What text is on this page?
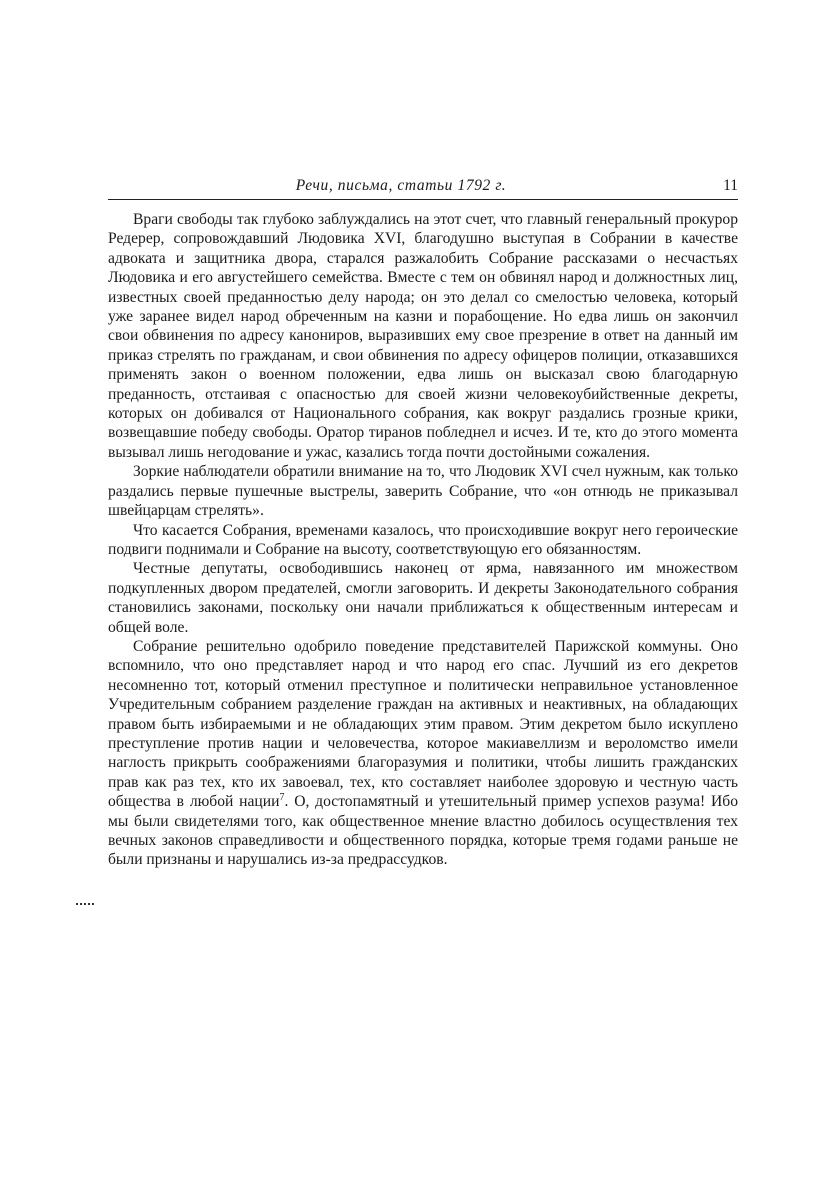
Речи, письма, статьи 1792 г.	11

Враги свободы так глубоко заблуждались на этот счет, что главный генеральный прокурор Редерер, сопровождавший Людовика XVI, благодушно выступая в Собрании в качестве адвоката и защитника двора, старался разжалобить Собрание рассказами о несчастьях Людовика и его августейшего семейства. Вместе с тем он обвинял народ и должностных лиц, известных своей преданностью делу народа; он это делал со смелостью человека, который уже заранее видел народ обреченным на казни и порабощение. Но едва лишь он закончил свои обвинения по адресу канониров, выразивших ему свое презрение в ответ на данный им приказ стрелять по гражданам, и свои обвинения по адресу офицеров полиции, отказавшихся применять закон о военном положении, едва лишь он высказал свою благодарную преданность, отстаивая с опасностью для своей жизни человекоубийственные декреты, которых он добивался от Национального собрания, как вокруг раздались грозные крики, возвещавшие победу свободы. Оратор тиранов побледнел и исчез. И те, кто до этого момента вызывал лишь негодование и ужас, казались тогда почти достойными сожаления.

Зоркие наблюдатели обратили внимание на то, что Людовик XVI счел нужным, как только раздались первые пушечные выстрелы, заверить Собрание, что «он отнюдь не приказывал швейцарцам стрелять».

Что касается Собрания, временами казалось, что происходившие вокруг него героические подвиги поднимали и Собрание на высоту, соответствующую его обязанностям.

Честные депутаты, освободившись наконец от ярма, навязанного им множеством подкупленных двором предателей, смогли заговорить. И декреты Законодательного собрания становились законами, поскольку они начали приближаться к общественным интересам и общей воле.

Собрание решительно одобрило поведение представителей Парижской коммуны. Оно вспомнило, что оно представляет народ и что народ его спас. Лучший из его декретов несомненно тот, который отменил преступное и политически неправильное установленное Учредительным собранием разделение граждан на активных и неактивных, на обладающих правом быть избираемыми и не обладающих этим правом. Этим декретом было искуплено преступление против нации и человечества, которое макиавеллизм и вероломство имели наглость прикрыть соображениями благоразумия и политики, чтобы лишить гражданских прав как раз тех, кто их завоевал, тех, кто составляет наиболее здоровую и честную часть общества в любой нации$^7$. О, достопамятный и утешительный пример успехов разума! Ибо мы были свидетелями того, как общественное мнение властно добилось осуществления тех вечных законов справедливости и общественного порядка, которые тремя годами раньше не были признаны и нарушались из-за предрассудков.
